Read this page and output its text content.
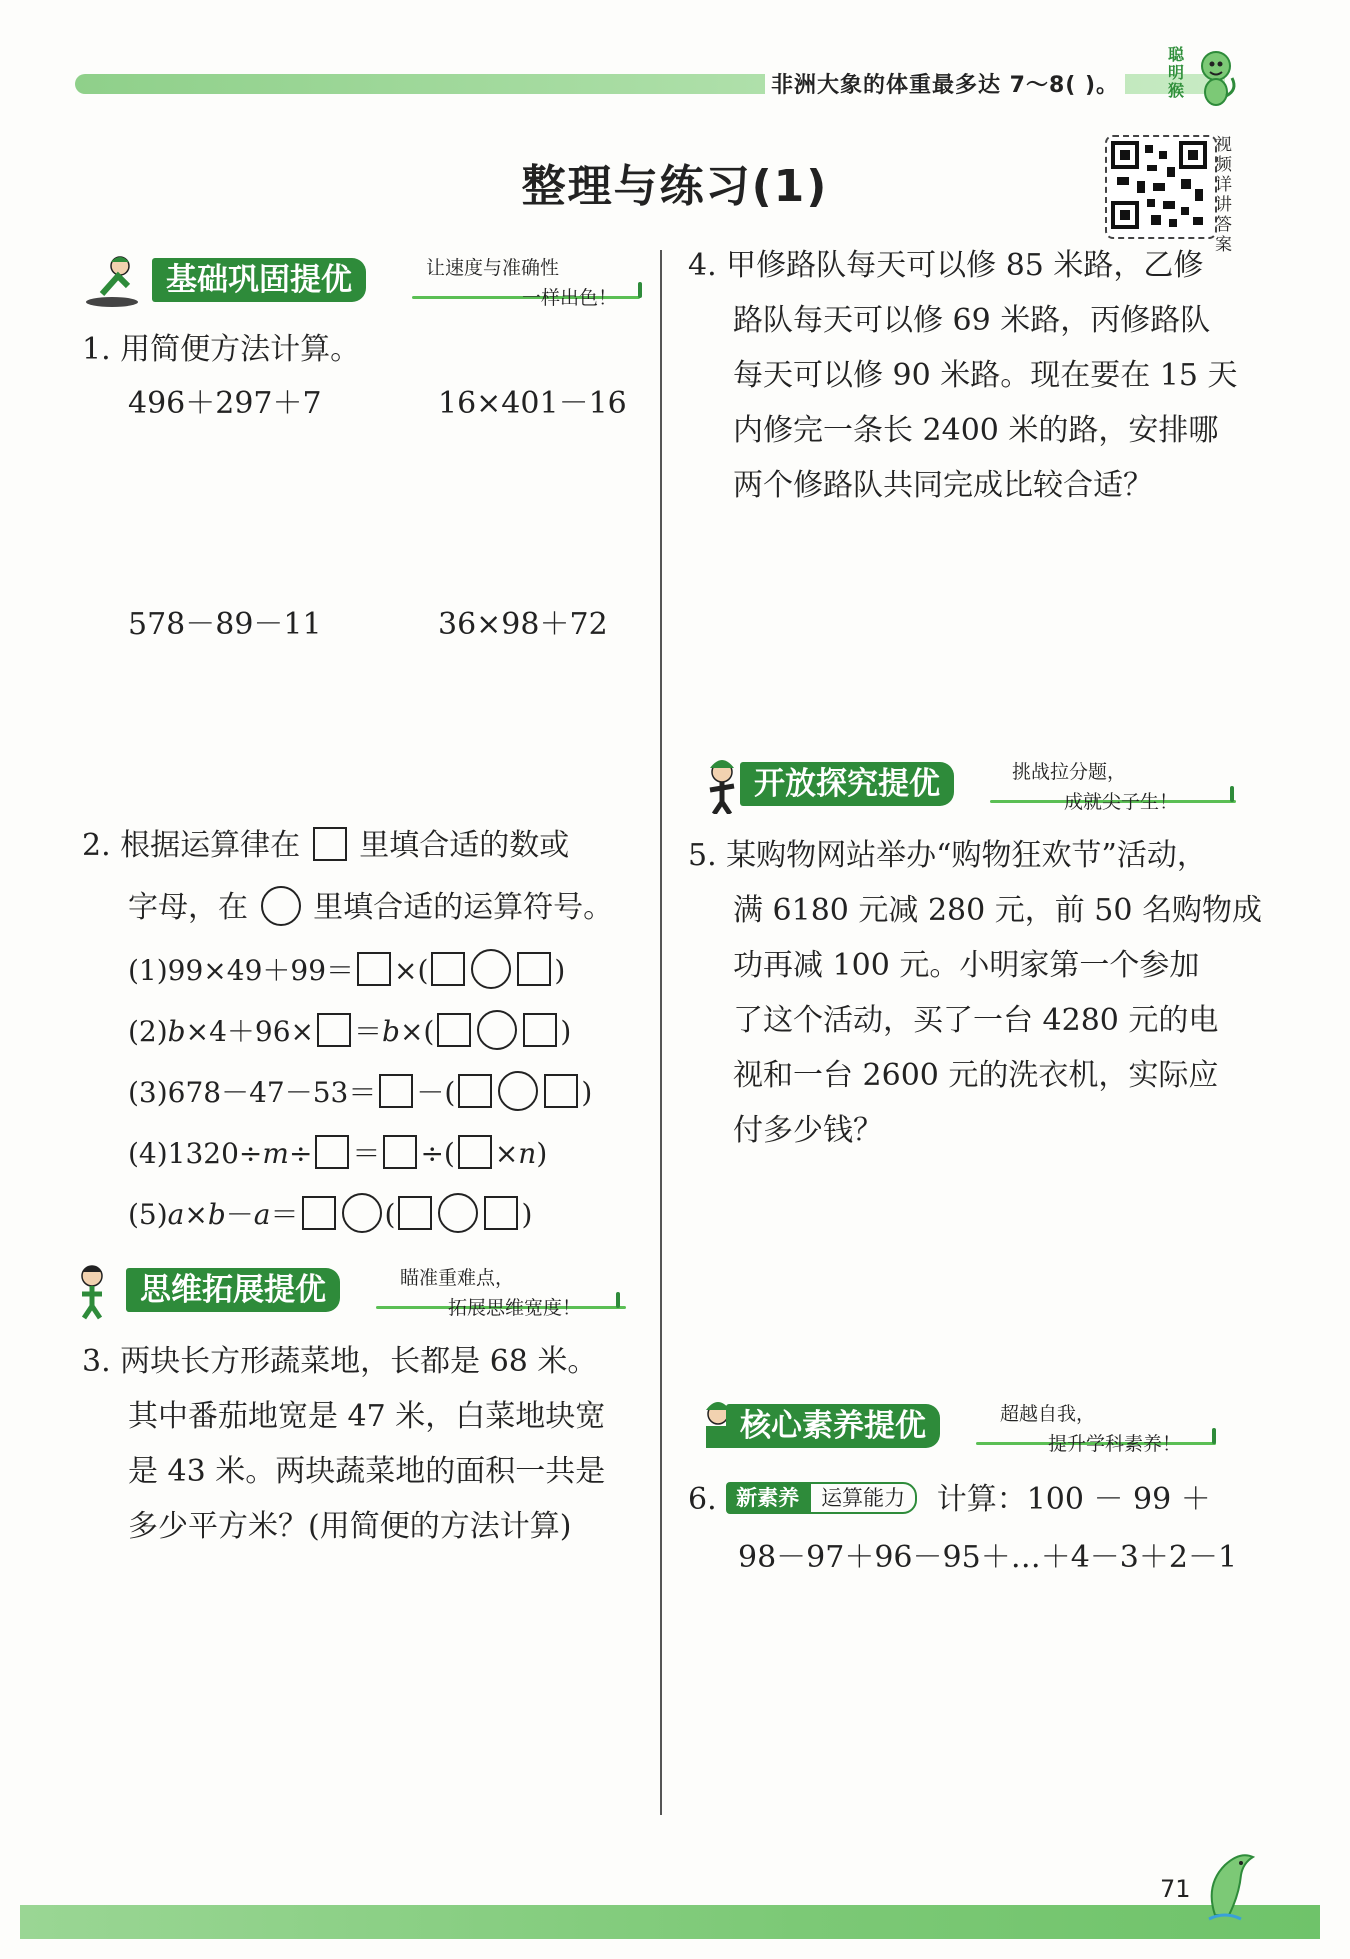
非洲大象的体重最多达 7～8( )。
聪明猴
整理与练习(1)
视频详讲答案
基础巩固提优	让速度与准确性
一样出色！
1. 用简便方法计算。
496＋297＋7	16×401－16
578－89－11	36×98＋72
2. 根据运算律在 里填合适的数或
字母，在 里填合适的运算符号。
(1)99×49＋99＝ ×(	)
(2)b×4＋96× ＝b×(	)
(3)678－47－53＝ －(	)
(4)1320÷m÷ ＝ ÷( ×n)
(5)a×b－a＝	(	)
思维拓展提优	瞄准重难点，
拓展思维宽度！
3. 两块长方形蔬菜地，长都是 68 米。
其中番茄地宽是 47 米，白菜地块宽
是 43 米。两块蔬菜地的面积一共是
多少平方米？(用简便的方法计算)
4. 甲修路队每天可以修 85 米路，乙修
路队每天可以修 69 米路，丙修路队
每天可以修 90 米路。现在要在 15 天
内修完一条长 2400 米的路，安排哪
两个修路队共同完成比较合适？
开放探究提优	挑战拉分题，
成就尖子生！
5. 某购物网站举办“购物狂欢节”活动，
满 6180 元减 280 元，前 50 名购物成
功再减 100 元。小明家第一个参加
了这个活动，买了一台 4280 元的电
视和一台 2600 元的洗衣机，实际应
付多少钱？
核心素养提优	超越自我，
提升学科素养！
6. 新素养 运算能力 计算：100 － 99 ＋
98－97＋96－95＋…＋4－3＋2－1
71
